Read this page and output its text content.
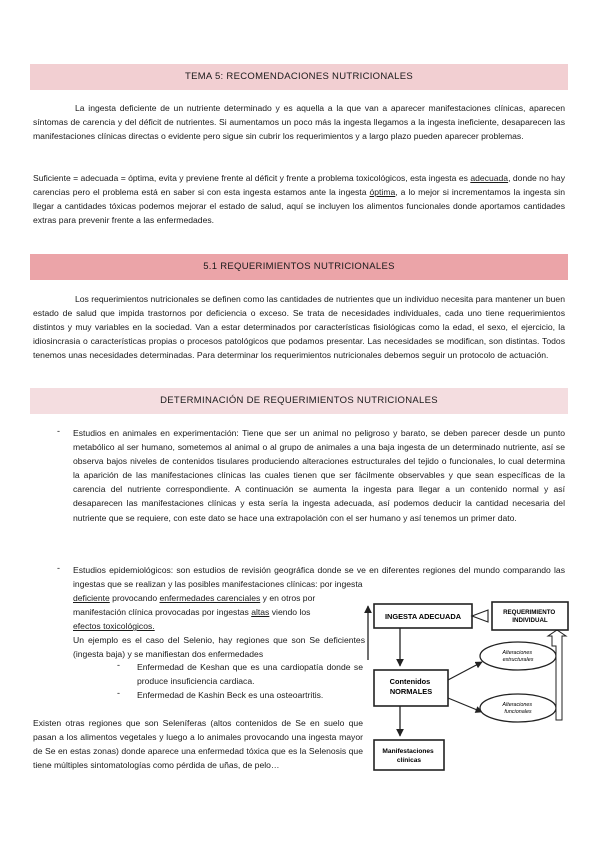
TEMA 5: RECOMENDACIONES NUTRICIONALES

La ingesta deficiente de un nutriente determinado y es aquella a la que van a aparecer manifestaciones clínicas, aparecen síntomas de carencia y del déficit de nutrientes. Si aumentamos un poco más la ingesta llegamos a la ingesta ineficiente, desaparecen las manifestaciones clínicas directas o evidente pero sigue sin cubrir los requerimientos y a largo plazo pueden aparecer problemas.

Suficiente = adecuada = óptima, evita y previene frente al déficit y frente a problema toxicológicos, esta ingesta es adecuada, donde no hay carencias pero el problema está en saber si con esta ingesta estamos ante la ingesta óptima, a lo mejor si incrementamos la ingesta sin llegar a cantidades tóxicas podemos mejorar el estado de salud, aquí se incluyen los alimentos funcionales donde aportamos cantidades extras para prevenir frente a las enfermedades.

5.1 REQUERIMIENTOS NUTRICIONALES

Los requerimientos nutricionales se definen como las cantidades de nutrientes que un individuo necesita para mantener un buen estado de salud que impida trastornos por deficiencia o exceso. Se trata de necesidades individuales, cada uno tiene requerimientos distintos y muy variables en la sociedad. Van a estar determinados por características fisiológicas como la edad, el sexo, el ejercicio, la idiosincrasia o características propias o procesos patológicos que podamos presentar. Las necesidades se modifican, son distintas. Todos tenemos unas necesidades determinadas. Para determinar los requerimientos nutricionales debemos seguir un protocolo de actuación.

DETERMINACIÓN DE REQUERIMIENTOS NUTRICIONALES
- Estudios en animales en experimentación: Tiene que ser un animal no peligroso y barato, se deben parecer desde un punto metabólico al ser humano, sometemos al animal o al grupo de animales a una baja ingesta de un determinado nutriente, así se observa bajos niveles de contenidos tisulares produciendo alteraciones estructurales del tejido o funcionales, lo cual determina la aparición de las manifestaciones clínicas las cuales tienen que ser fácilmente observables y que sean específicas de la carencia del nutriente correspondiente. A continuación se aumenta la ingesta para llegar a un contenido normal y así desaparecen las manifestaciones clínicas y esta sería la ingesta adecuada, así podemos deducir la cantidad necesaria del nutriente que se requiere, con este dato se hace una extrapolación con el ser humano y así tenemos un primer dato.

- Estudios epidemiológicos: son estudios de revisión geográfica donde se ve en diferentes regiones del mundo comparando las ingestas que se realizan y las posibles manifestaciones clínicas: por ingesta

deficiente provocando enfermedades carenciales y en otros por
manifestación clínica provocadas por ingestas altas viendo los
efectos toxicológicos.

Un ejemplo es el caso del Selenio, hay regiones que son Se deficientes (ingesta baja) y se manifiestan dos enfermedades

- Enfermedad de Keshan que es una cardiopatía donde se produce insuficiencia cardiaca.

- Enfermedad de Kashin Beck es una osteoartritis.

Existen otras regiones que son Seleníferas (altos contenidos de Se en suelo que pasan a los alimentos vegetales y luego a lo animales provocando una ingesta mayor de Se en estas zonas) donde aparece una enfermedad tóxica que es la Selenosis que tiene múltiples sintomatologías como pérdida de uñas, de pelo…

INGESTA ADECUADA	REQUERIMIENTO INDIVIDUAL
Contenidos NORMALES
Alteraciones estructurales
Alteraciones funcionales
Manifestaciones clínicas
